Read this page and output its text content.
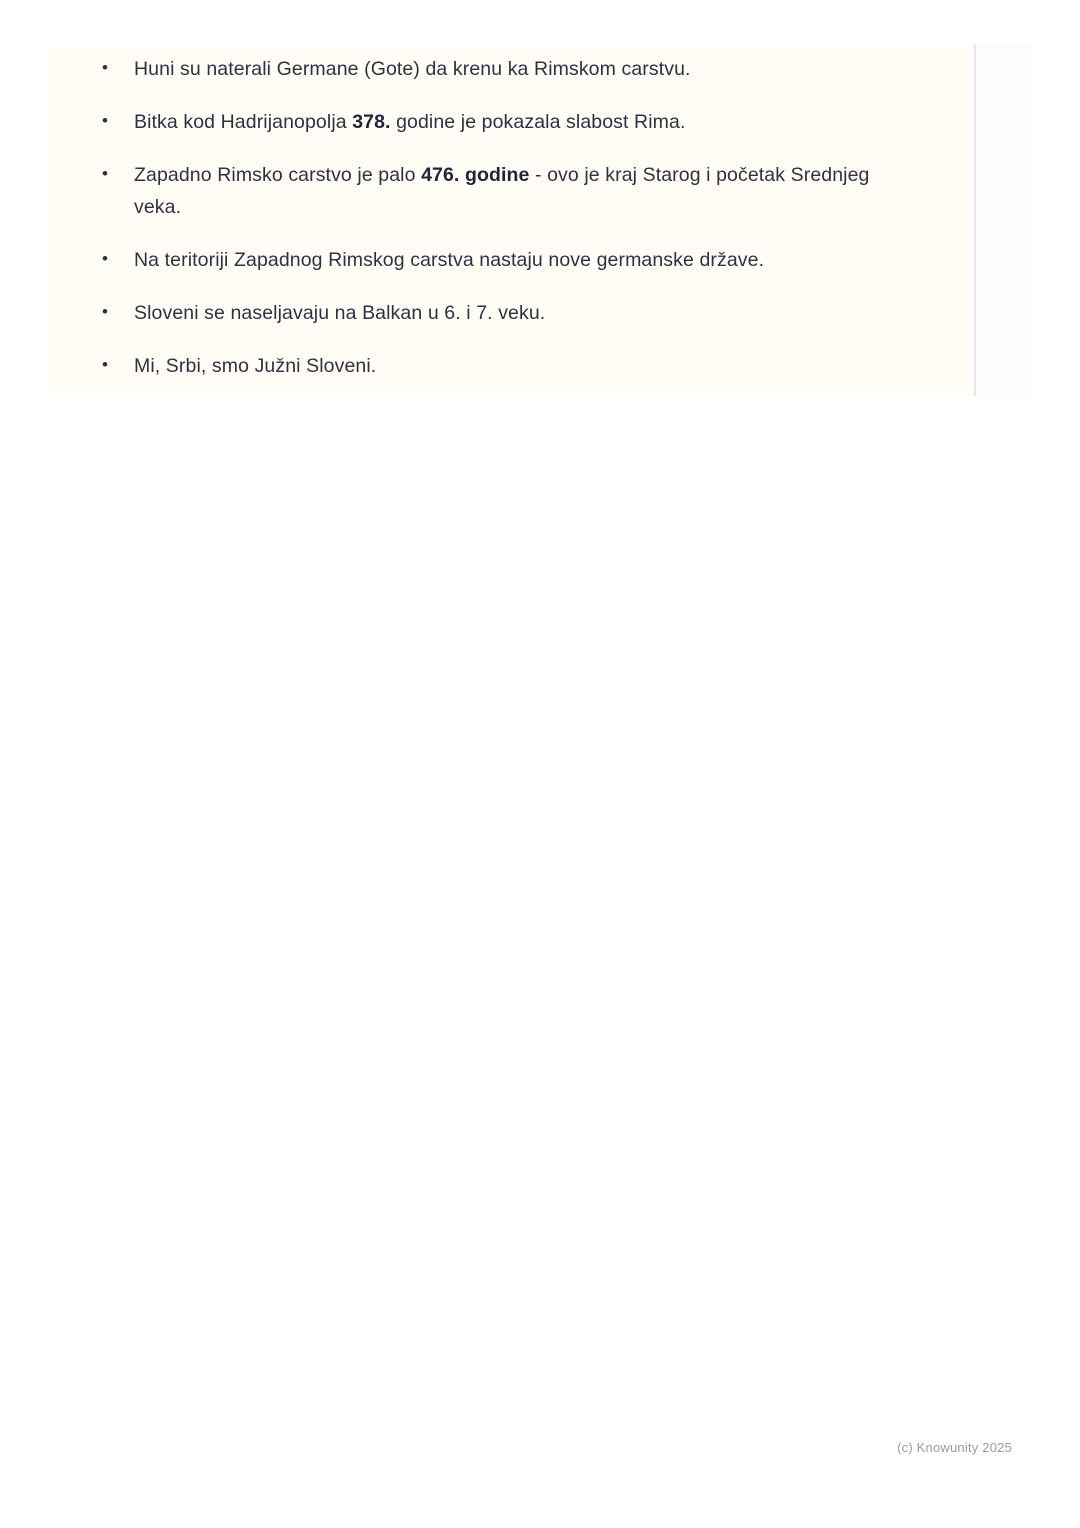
• Huni su naterali Germane (Gote) da krenu ka Rimskom carstvu.
• Bitka kod Hadrijanopolja 378. godine je pokazala slabost Rima.
• Zapadno Rimsko carstvo je palo 476. godine - ovo je kraj Starog i početak Srednjeg veka.
• Na teritoriji Zapadnog Rimskog carstva nastaju nove germanske države.
• Sloveni se naseljavaju na Balkan u 6. i 7. veku.
• Mi, Srbi, smo Južni Sloveni.
(c) Knowunity 2025
